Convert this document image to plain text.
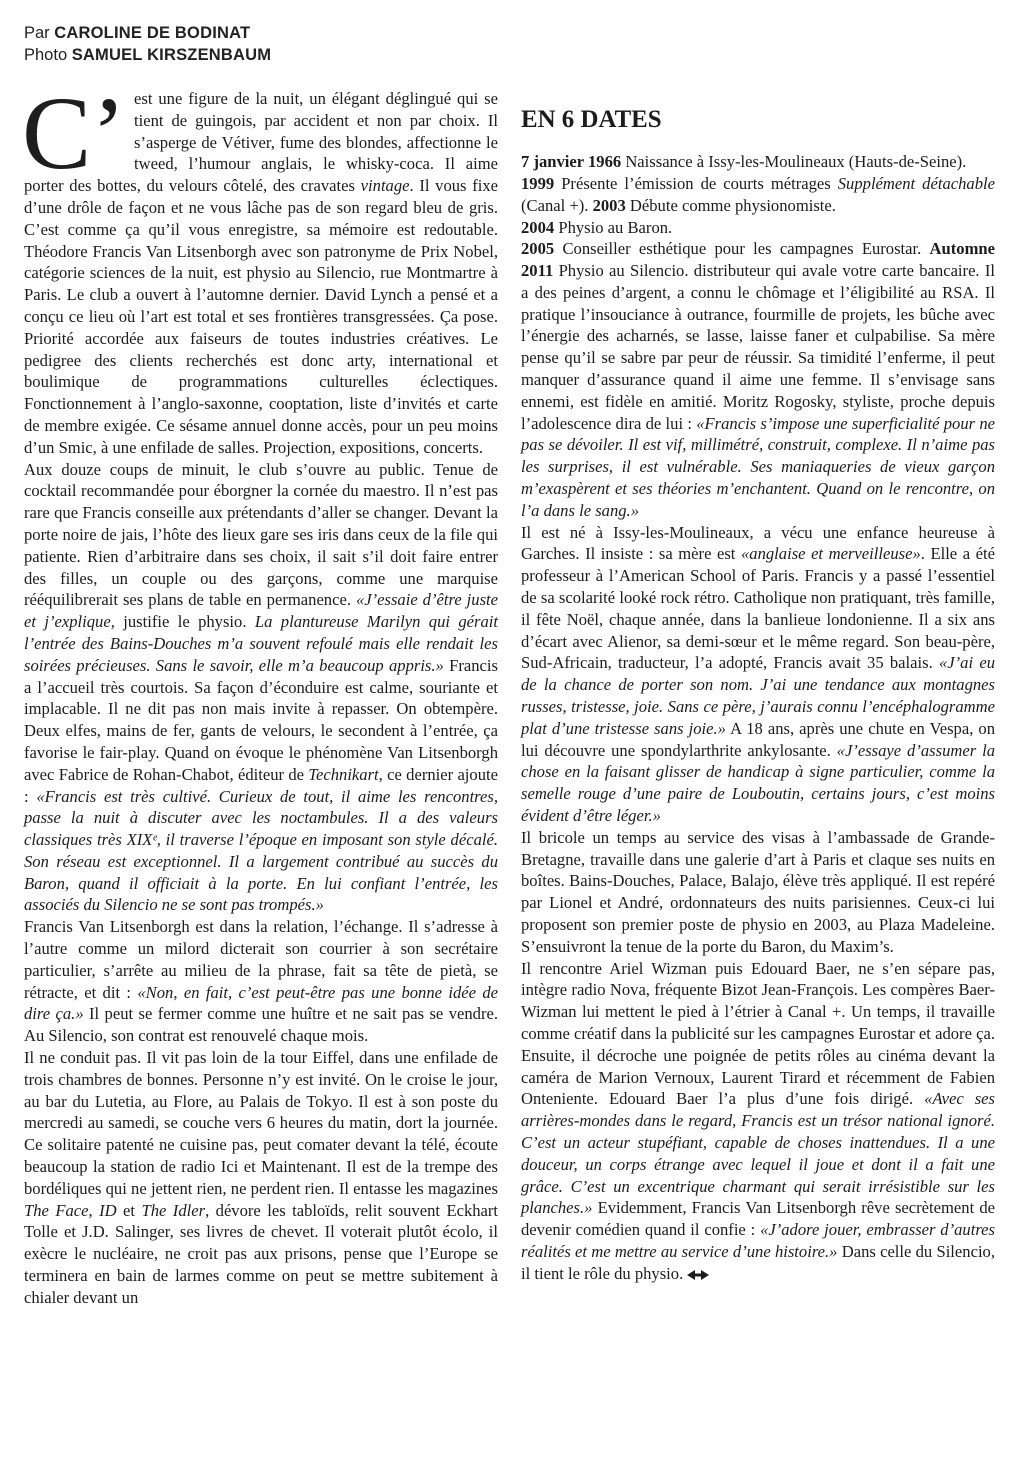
Par CAROLINE DE BODINAT
Photo SAMUEL KIRSZENBAUM

C’ est une figure de la nuit, un élégant déglingué qui se tient de guingois, par accident et non par choix. Il s’asperge de Vétiver, fume des blondes, affectionne le tweed, l’humour anglais, le whisky-coca. Il aime porter des bottes, du velours côtelé, des cravates vintage. Il vous fixe d’une drôle de façon et ne vous lâche pas de son regard bleu de gris. C’est comme ça qu’il vous enregistre, sa mémoire est redoutable. Théodore Francis Van Litsenborgh avec son patronyme de Prix Nobel, catégorie sciences de la nuit, est physio au Silencio, rue Montmartre à Paris. Le club a ouvert à l’automne dernier. David Lynch a pensé et a conçu ce lieu où l’art est total et ses frontières transgressées. Ça pose. Priorité accordée aux faiseurs de toutes industries créatives. Le pedigree des clients recherchés est donc arty, international et boulimique de programmations culturelles éclectiques. Fonctionnement à l’anglo-saxonne, cooptation, liste d’invités et carte de membre exigée. Ce sésame annuel donne accès, pour un peu moins d’un Smic, à une enfilade de salles. Projection, expositions, concerts.

Aux douze coups de minuit, le club s’ouvre au public. Tenue de cocktail recommandée pour éborgner la cornée du maestro. Il n’est pas rare que Francis conseille aux prétendants d’aller se changer. Devant la porte noire de jais, l’hôte des lieux gare ses iris dans ceux de la file qui patiente. Rien d’arbitraire dans ses choix, il sait s’il doit faire entrer des filles, un couple ou des garçons, comme une marquise rééquilibrerait ses plans de table en permanence. «J’essaie d’être juste et j’explique, justifie le physio. La plantureuse Marilyn qui gérait l’entrée des Bains-Douches m’a souvent refoulé mais elle rendait les soirées précieuses. Sans le savoir, elle m’a beaucoup appris.» Francis a l’accueil très courtois. Sa façon d’éconduire est calme, souriante et implacable. Il ne dit pas non mais invite à repasser. On obtempère. Deux elfes, mains de fer, gants de velours, le secondent à l’entrée, ça favorise le fair-play. Quand on évoque le phénomène Van Litsenborgh avec Fabrice de Rohan-Chabot, éditeur de Technikart, ce dernier ajoute : «Francis est très cultivé. Curieux de tout, il aime les rencontres, passe la nuit à discuter avec les noctambules. Il a des valeurs classiques très XIXᵉ, il traverse l’époque en imposant son style décalé. Son réseau est exceptionnel. Il a largement contribué au succès du Baron, quand il officiait à la porte. En lui confiant l’entrée, les associés du Silencio ne se sont pas trompés.»

Francis Van Litsenborgh est dans la relation, l’échange. Il s’adresse à l’autre comme un milord dicterait son courrier à son secrétaire particulier, s’arrête au milieu de la phrase, fait sa tête de pietà, se rétracte, et dit : «Non, en fait, c’est peut-être pas une bonne idée de dire ça.» Il peut se fermer comme une huître et ne sait pas se vendre. Au Silencio, son contrat est renouvelé chaque mois.

Il ne conduit pas. Il vit pas loin de la tour Eiffel, dans une enfilade de trois chambres de bonnes. Personne n’y est invité. On le croise le jour, au bar du Lutetia, au Flore, au Palais de Tokyo. Il est à son poste du mercredi au samedi, se couche vers 6 heures du matin, dort la journée. Ce solitaire patenté ne cuisine pas, peut comater devant la télé, écoute beaucoup la station de radio Ici et Maintenant. Il est de la trempe des bordéliques qui ne jettent rien, ne perdent rien. Il entasse les magazines The Face, ID et The Idler, dévore les tabloïds, relit souvent Eckhart Tolle et J.D. Salinger, ses livres de chevet. Il voterait plutôt écolo, il exècre le nucléaire, ne croit pas aux prisons, pense que l’Europe se terminera en bain de larmes comme on peut se mettre subitement à chialer devant un

EN 6 DATES
7 janvier 1966 Naissance à Issy-les-Moulineaux (Hauts-de-Seine).
1999 Présente l’émission de courts métrages Supplément détachable (Canal +). 2003 Débute comme physionomiste.
2004 Physio au Baron.
2005 Conseiller esthétique pour les campagnes Eurostar. Automne 2011 Physio au Silencio. distributeur qui avale votre carte bancaire. Il a des peines d’argent, a connu le chômage et l’éligibilité au RSA. Il pratique l’insouciance à outrance, fourmille de projets, les bûche avec l’énergie des acharnés, se lasse, laisse faner et culpabilise. Sa mère pense qu’il se sabre par peur de réussir. Sa timidité l’enferme, il peut manquer d’assurance quand il aime une femme. Il s’envisage sans ennemi, est fidèle en amitié. Moritz Rogosky, styliste, proche depuis l’adolescence dira de lui : «Francis s’impose une superficialité pour ne pas se dévoiler. Il est vif, millimétré, construit, complexe. Il n’aime pas les surprises, il est vulnérable. Ses maniaqueries de vieux garçon m’exaspèrent et ses théories m’enchantent. Quand on le rencontre, on l’a dans le sang.»

Il est né à Issy-les-Moulineaux, a vécu une enfance heureuse à Garches. Il insiste : sa mère est «anglaise et merveilleuse». Elle a été professeur à l’American School of Paris. Francis y a passé l’essentiel de sa scolarité looké rock rétro. Catholique non pratiquant, très famille, il fête Noël, chaque année, dans la banlieue londonienne. Il a six ans d’écart avec Alienor, sa demi-sœur et le même regard. Son beau-père, Sud-Africain, traducteur, l’a adopté, Francis avait 35 balais. «J’ai eu de la chance de porter son nom. J’ai une tendance aux montagnes russes, tristesse, joie. Sans ce père, j’aurais connu l’encéphalogramme plat d’une tristesse sans joie.» A 18 ans, après une chute en Vespa, on lui découvre une spondylarthrite ankylosante. «J’essaye d’assumer la chose en la faisant glisser de handicap à signe particulier, comme la semelle rouge d’une paire de Louboutin, certains jours, c’est moins évident d’être léger.»

Il bricole un temps au service des visas à l’ambassade de Grande-Bretagne, travaille dans une galerie d’art à Paris et claque ses nuits en boîtes. Bains-Douches, Palace, Balajo, élève très appliqué. Il est repéré par Lionel et André, ordonnateurs des nuits parisiennes. Ceux-ci lui proposent son premier poste de physio en 2003, au Plaza Madeleine. S’ensuivront la tenue de la porte du Baron, du Maxim’s.

Il rencontre Ariel Wizman puis Edouard Baer, ne s’en sépare pas, intègre radio Nova, fréquente Bizot Jean-François. Les compères Baer-Wizman lui mettent le pied à l’étrier à Canal +. Un temps, il travaille comme créatif dans la publicité sur les campagnes Eurostar et adore ça. Ensuite, il décroche une poignée de petits rôles au cinéma devant la caméra de Marion Vernoux, Laurent Tirard et récemment de Fabien Onteniente. Edouard Baer l’a plus d’une fois dirigé. «Avec ses arrières-mondes dans le regard, Francis est un trésor national ignoré. C’est un acteur stupéfiant, capable de choses inattendues. Il a une douceur, un corps étrange avec lequel il joue et dont il a fait une grâce. C’est un excentrique charmant qui serait irrésistible sur les planches.» Evidemment, Francis Van Litsenborgh rêve secrètement de devenir comédien quand il confie : «J’adore jouer, embrasser d’autres réalités et me mettre au service d’une histoire.» Dans celle du Silencio, il tient le rôle du physio.
